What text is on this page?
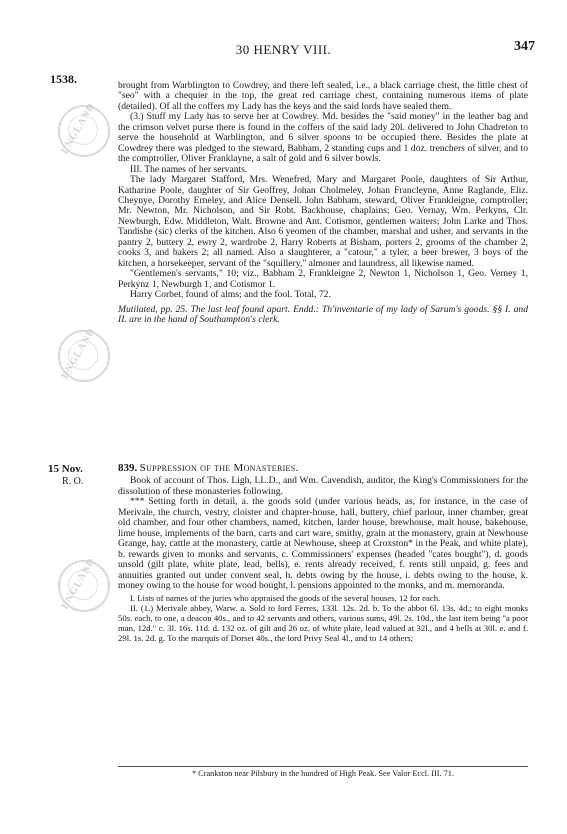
ENGLAND
ENGLAND
ENGLAND
30 HENRY VIII.	347
1538.	brought from Warblington to Cowdrey, and there left sealed, i.e., a black carriage chest, the little chest of "seo" with a chequier in the top, the great red carriage chest, containing numerous items of plate (detailed). Of all the coffers my Lady has the keys and the said lords have sealed them.

(3.) Stuff my Lady has to serve her at Cowdrey. Md. besides the "said money" in the leather bag and the crimson velvet purse there is found in the coffers of the said lady 20l. delivered to John Chadreton to serve the household at Warblington, and 6 silver spoons to be occupied there. Besides the plate at Cowdrey there was pledged to the steward, Babham, 2 standing cups and 1 doz. trenchers of silver, and to the comptroller, Oliver Franklayne, a salt of gold and 6 silver bowls.

III. The names of her servants.

The lady Margaret Stafford, Mrs. Wenefred, Mary and Margaret Poole, daughters of Sir Arthur, Katharine Poole, daughter of Sir Geoffrey, Johan Cholmeley, Johan Francleyne, Anne Raglande, Eliz. Cheynye, Dorothy Erneley, and Alice Densell. John Babham, steward, Oliver Frankleigne, comptroller; Mr. Newton, Mr. Nicholson, and Sir Robt. Backhouse, chaplains; Geo. Vernay, Wm. Perkyns, Clr. Newburgh, Edw. Middleton, Walt. Browne and Ant. Cotismor, gentlemen waiters; John Larke and Thos. Tandishe (sic) clerks of the kitchen. Also 6 yeomen of the chamber, marshal and usher, and servants in the pantry 2, buttery 2, ewry 2, wardrobe 2, Harry Roberts at Bisham, porters 2, grooms of the chamber 2, cooks 3, and bakers 2; all named. Also a slaughterer, a "catour," a tyler, a beer brewer, 3 boys of the kitchen, a horsekeeper, servant of the "squillery," almoner and laundress, all likewise named.

"Gentlemen's servants," 10; viz., Babham 2, Frankleigne 2, Newton 1, Nicholson 1, Geo. Verney 1, Perkynz 1, Newburgh 1, and Cotismor 1.

Harry Corbet, found of alms; and the fool. Total, 72.

Mutilated, pp. 25. The last leaf found apart. Endd.: Th'inventarie of my lady of Sarum's goods. §§ I. and II. are in the hand of Southampton's clerk.

15 Nov.
R. O.

839. Suppression of the Monasteries.

Book of account of Thos. Ligh, LL.D., and Wm. Cavendish, auditor, the King's Commissioners for the dissolution of these monasteries following.

*** Setting forth in detail, a. the goods sold (under various heads, as, for instance, in the case of Merivale, the church, vestry, cloister and chapter-house, hall, buttery, chief parlour, inner chamber, great old chamber, and four other chambers, named, kitchen, larder house, brewhouse, malt house, bakehouse, lime house, implements of the barn, carts and cart ware, smithy, grain at the monastery, grain at Newhouse Grange, hay, cattle at the monastery, cattle at Newhouse, sheep at Croxston* in the Peak, and white plate), b. rewards given to monks and servants, c. Commissioners' expenses (headed "cates bought"), d. goods unsold (gilt plate, white plate, lead, bells), e. rents already received, f. rents still unpaid, g. fees and annuities granted out under convent seal, h. debts owing by the house, i. debts owing to the house, k. money owing to the house for wood bought, l. pensions appointed to the monks, and m. memoranda.

I. Lists of names of the juries who appraised the goods of the several houses, 12 for each.

II. (1.) Merivale abbey, Warw. a. Sold to lord Ferres, 133l. 12s. 2d. b. To the abbot 6l. 13s. 4d.; to eight monks 50s. each, to one, a deacon 40s., and to 42 servants and others, various sums, 49l. 2s. 10d., the last item being "a poor man, 12d." c. 3l. 16s. 11d. d. 132 oz. of gilt and 26 oz. of white plate, lead valued at 32l., and 4 bells at 30l. e. and f. 29l. 1s. 2d. g. To the marquis of Dorset 40s., the lord Privy Seal 4l., and to 14 others;

* Crankston near Pilsbury in the hundred of High Peak. See Valor Eccl. III. 71.
